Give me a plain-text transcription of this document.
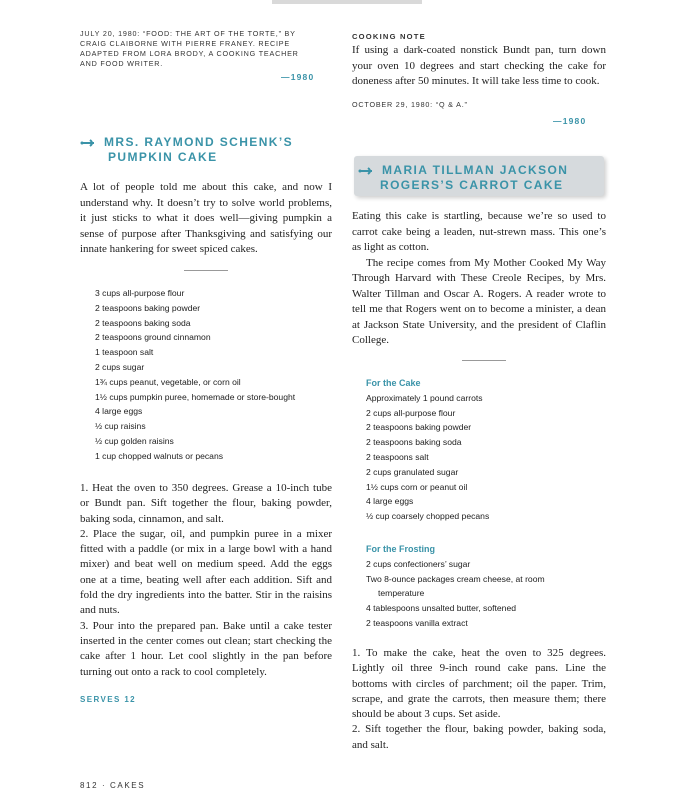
JULY 20, 1980: “FOOD: THE ART OF THE TORTE,” BY CRAIG CLAIBORNE WITH PIERRE FRANEY. RECIPE ADAPTED FROM LORA BRODY, A COOKING TEACHER AND FOOD WRITER.
—1980
MRS. RAYMOND SCHENK’S
PUMPKIN CAKE
A lot of people told me about this cake, and now I understand why. It doesn’t try to solve world problems, it just sticks to what it does well—giving pumpkin a sense of purpose after Thanksgiving and satisfying our innate hankering for sweet spiced cakes.
3 cups all-purpose flour
2 teaspoons baking powder
2 teaspoons baking soda
2 teaspoons ground cinnamon
1 teaspoon salt
2 cups sugar
1¾ cups peanut, vegetable, or corn oil
1½ cups pumpkin puree, homemade or store-bought
4 large eggs
½ cup raisins
½ cup golden raisins
1 cup chopped walnuts or pecans
1. Heat the oven to 350 degrees. Grease a 10-inch tube or Bundt pan. Sift together the flour, baking powder, baking soda, cinnamon, and salt.
2. Place the sugar, oil, and pumpkin puree in a mixer fitted with a paddle (or mix in a large bowl with a hand mixer) and beat well on medium speed. Add the eggs one at a time, beating well after each addition. Sift and fold the dry ingredients into the batter. Stir in the raisins and nuts.
3. Pour into the prepared pan. Bake until a cake tester inserted in the center comes out clean; start checking the cake after 1 hour. Let cool slightly in the pan before turning out onto a rack to cool completely.
SERVES 12
812 · CAKES
COOKING NOTE
If using a dark-coated nonstick Bundt pan, turn down your oven 10 degrees and start checking the cake for doneness after 50 minutes. It will take less time to cook.
OCTOBER 29, 1980: “Q & A.”
—1980
MARIA TILLMAN JACKSON
ROGERS’S CARROT CAKE
Eating this cake is startling, because we’re so used to carrot cake being a leaden, nut-strewn mass. This one’s as light as cotton.
The recipe comes from My Mother Cooked My Way Through Harvard with These Creole Recipes, by Mrs. Walter Tillman and Oscar A. Rogers. A reader wrote to tell me that Rogers went on to become a minister, a dean at Jackson State University, and the president of Claflin College.
For the Cake
Approximately 1 pound carrots
2 cups all-purpose flour
2 teaspoons baking powder
2 teaspoons baking soda
2 teaspoons salt
2 cups granulated sugar
1½ cups corn or peanut oil
4 large eggs
½ cup coarsely chopped pecans
For the Frosting
2 cups confectioners’ sugar
Two 8-ounce packages cream cheese, at room
temperature
4 tablespoons unsalted butter, softened
2 teaspoons vanilla extract
1. To make the cake, heat the oven to 325 degrees. Lightly oil three 9-inch round cake pans. Line the bottoms with circles of parchment; oil the paper. Trim, scrape, and grate the carrots, then measure them; there should be about 3 cups. Set aside.
2. Sift together the flour, baking powder, baking soda, and salt.
